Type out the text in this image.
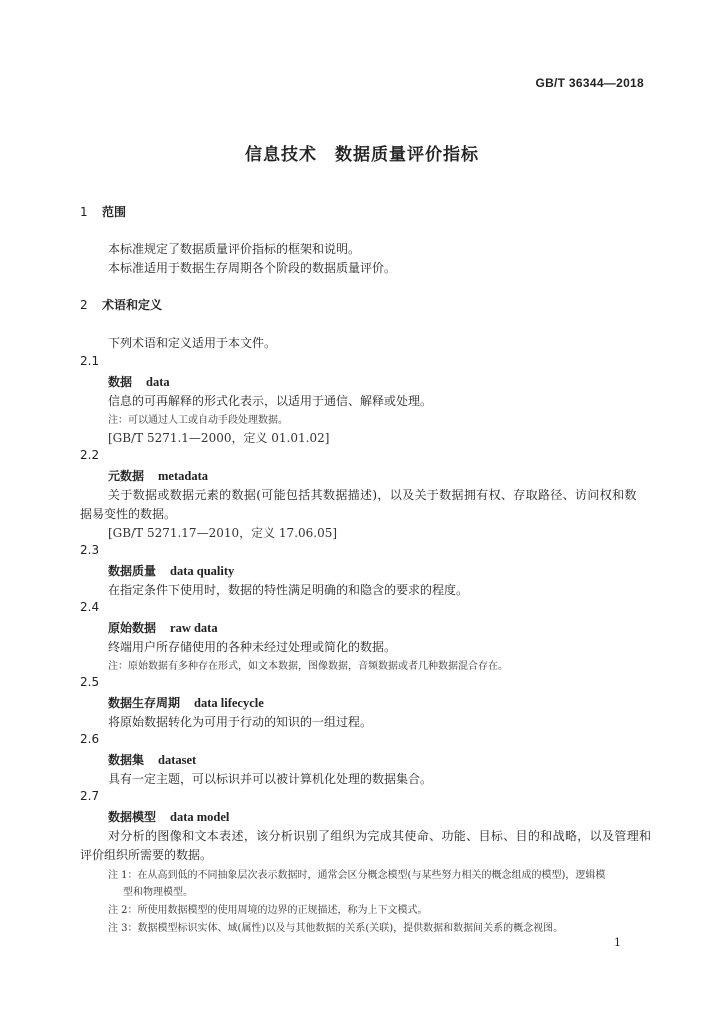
GB/T 36344—2018
信息技术　数据质量评价指标
1 范围
本标准规定了数据质量评价指标的框架和说明。
本标准适用于数据生存周期各个阶段的数据质量评价。
2 术语和定义
下列术语和定义适用于本文件。
2.1
数据 data
信息的可再解释的形式化表示，以适用于通信、解释或处理。
注：可以通过人工或自动手段处理数据。
[GB/T 5271.1—2000，定义 01.01.02]
2.2
元数据 metadata
关于数据或数据元素的数据(可能包括其数据描述)，以及关于数据拥有权、存取路径、访问权和数
据易变性的数据。
[GB/T 5271.17—2010，定义 17.06.05]
2.3
数据质量 data quality
在指定条件下使用时，数据的特性满足明确的和隐含的要求的程度。
2.4
原始数据 raw data
终端用户所存储使用的各种未经过处理或简化的数据。
注：原始数据有多种存在形式，如文本数据，图像数据，音频数据或者几种数据混合存在。
2.5
数据生存周期 data lifecycle
将原始数据转化为可用于行动的知识的一组过程。
2.6
数据集 dataset
具有一定主题，可以标识并可以被计算机化处理的数据集合。
2.7
数据模型 data model
对分析的图像和文本表述，该分析识别了组织为完成其使命、功能、目标、目的和战略，以及管理和
评价组织所需要的数据。
注 1：在从高到低的不同抽象层次表示数据时，通常会区分概念模型(与某些努力相关的概念组成的模型)，逻辑模
型和物理模型。
注 2：所使用数据模型的使用周境的边界的正规描述，称为上下文模式。
注 3：数据模型标识实体、域(属性)以及与其他数据的关系(关联)，提供数据和数据间关系的概念视图。
1
